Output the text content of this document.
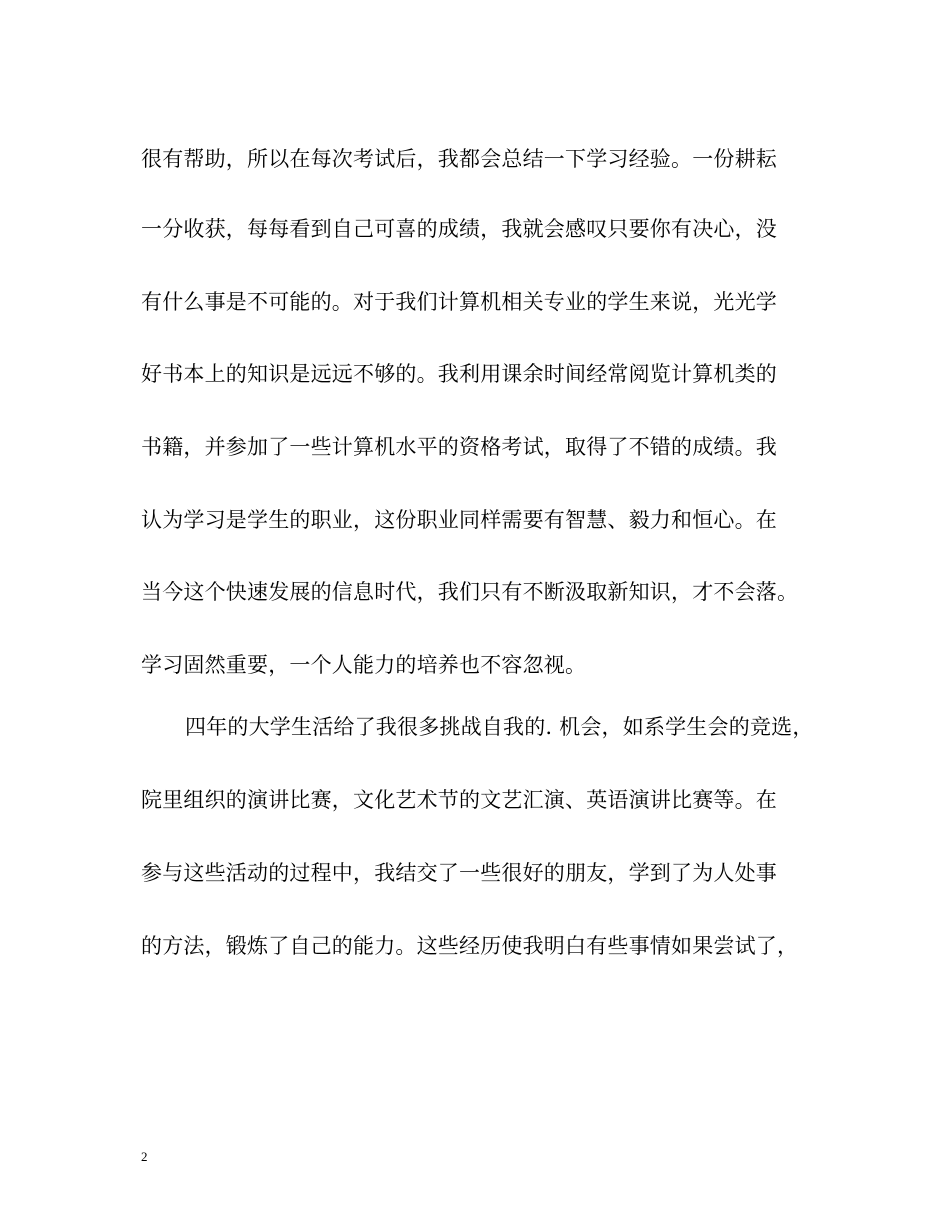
很有帮助，所以在每次考试后，我都会总结一下学习经验。一份耕耘
一分收获，每每看到自己可喜的成绩，我就会感叹只要你有决心，没
有什么事是不可能的。对于我们计算机相关专业的学生来说，光光学
好书本上的知识是远远不够的。我利用课余时间经常阅览计算机类的
书籍，并参加了一些计算机水平的资格考试，取得了不错的成绩。我
认为学习是学生的职业，这份职业同样需要有智慧、毅力和恒心。在
当今这个快速发展的信息时代，我们只有不断汲取新知识，才不会落。
学习固然重要，一个人能力的培养也不容忽视。
四年的大学生活给了我很多挑战自我的. 机会，如系学生会的竞选，
院里组织的演讲比赛，文化艺术节的文艺汇演、英语演讲比赛等。在
参与这些活动的过程中，我结交了一些很好的朋友，学到了为人处事
的方法，锻炼了自己的能力。这些经历使我明白有些事情如果尝试了，
2
